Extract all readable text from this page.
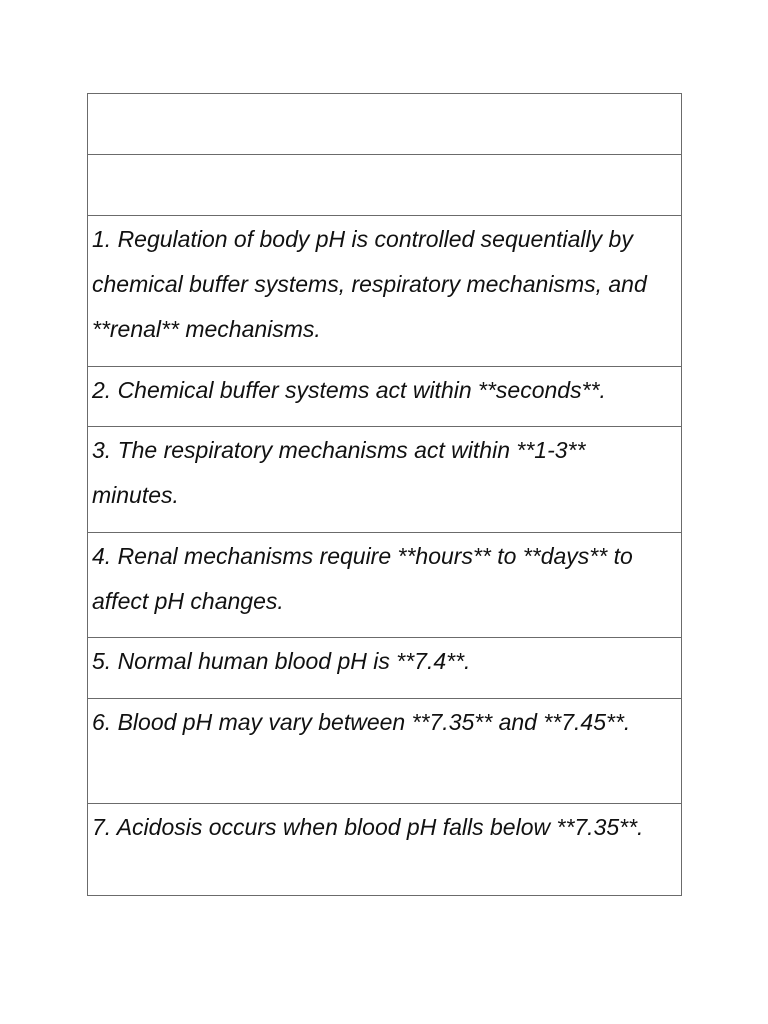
1. Regulation of body pH is controlled sequentially by chemical buffer systems, respiratory mechanisms, and **renal** mechanisms.

2. Chemical buffer systems act within **seconds**.

3. The respiratory mechanisms act within **1-3** minutes.

4. Renal mechanisms require **hours** to **days** to affect pH changes.

5. Normal human blood pH is **7.4**.

6. Blood pH may vary between **7.35** and **7.45**.

7. Acidosis occurs when blood pH falls below **7.35**.
